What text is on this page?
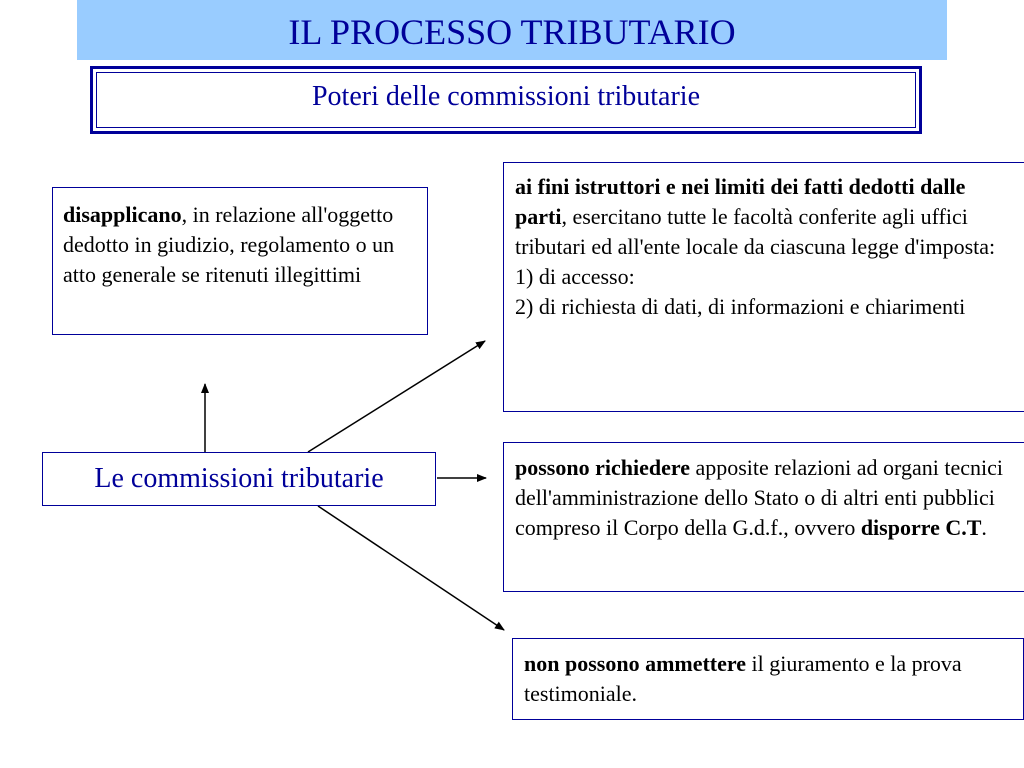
IL PROCESSO TRIBUTARIO
Poteri delle commissioni tributarie
disapplicano, in relazione all'oggetto dedotto in giudizio, regolamento o un atto generale se ritenuti illegittimi
ai fini istruttori e nei limiti dei fatti dedotti dalle parti, esercitano tutte le facoltà conferite agli uffici tributari ed all'ente locale da ciascuna legge d'imposta:
1) di accesso:
2) di richiesta di dati, di informazioni e chiarimenti
possono richiedere apposite relazioni ad organi tecnici dell'amministrazione dello Stato o di altri enti pubblici compreso il Corpo della G.d.f., ovvero disporre C.T.
non possono ammettere il giuramento e la prova testimoniale.
Le commissioni tributarie
